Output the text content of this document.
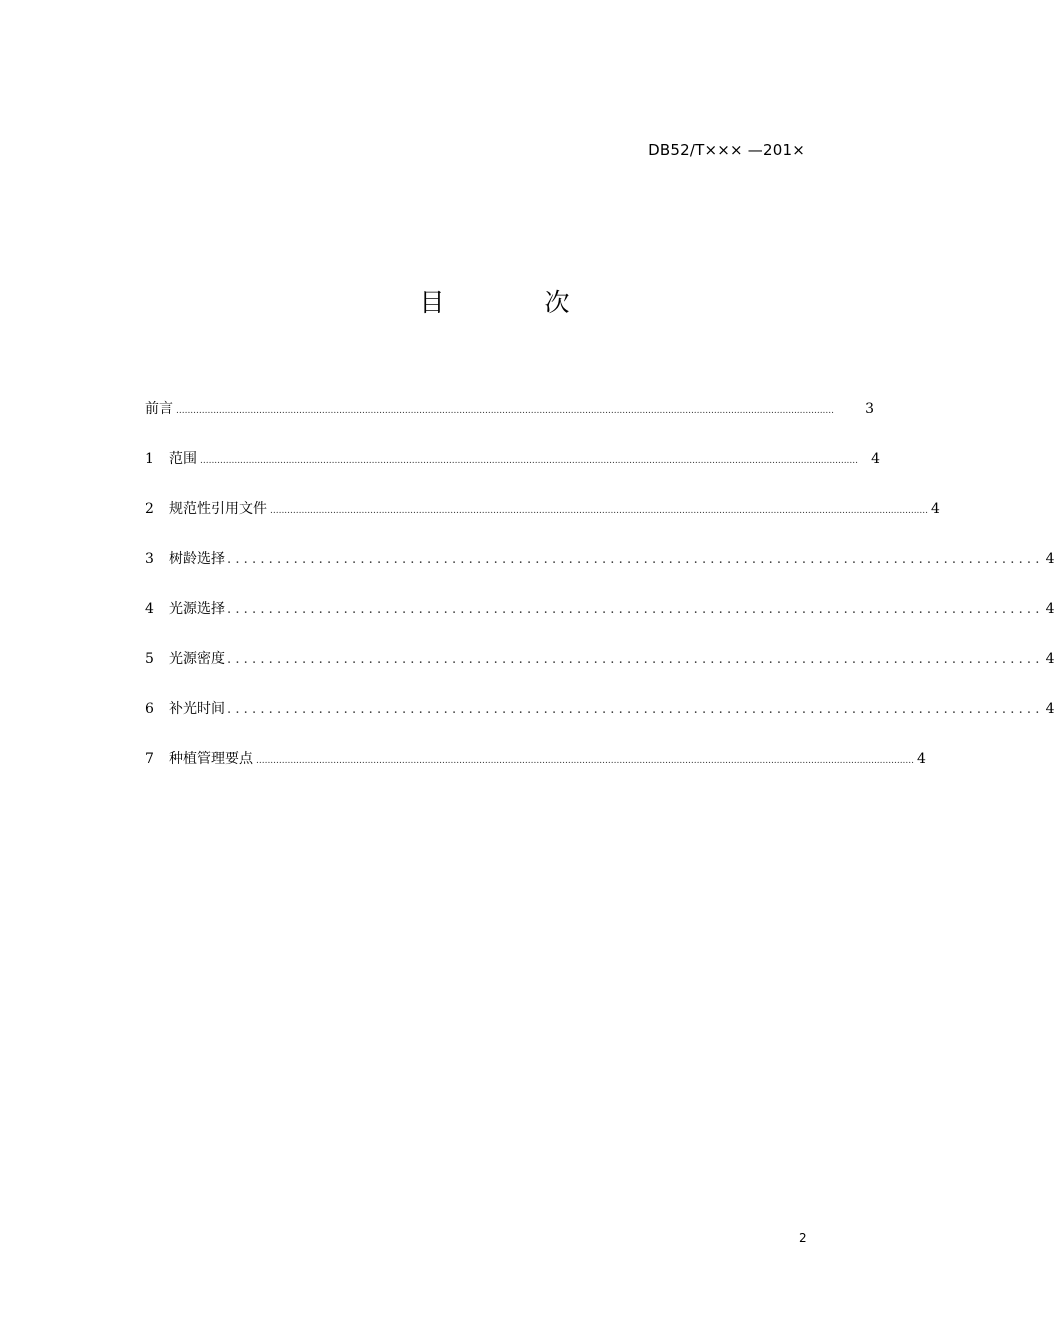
DB52/T××× —201×
目 次
前言 ......................................................................................................................................................................................................................................	3
1	范围 ...................................................................................................................................................................................................................................... 4
2	规范性引用文件 ...................................................................................................................................................................................................................................... 4
3	树龄选择 .................................................................................................. 4
4	光源选择 .................................................................................................. 4
5	光源密度 .................................................................................................. 4
6	补光时间 .................................................................................................. 4
7	种植管理要点 ...................................................................................................................................................................................................................................... 4
2
